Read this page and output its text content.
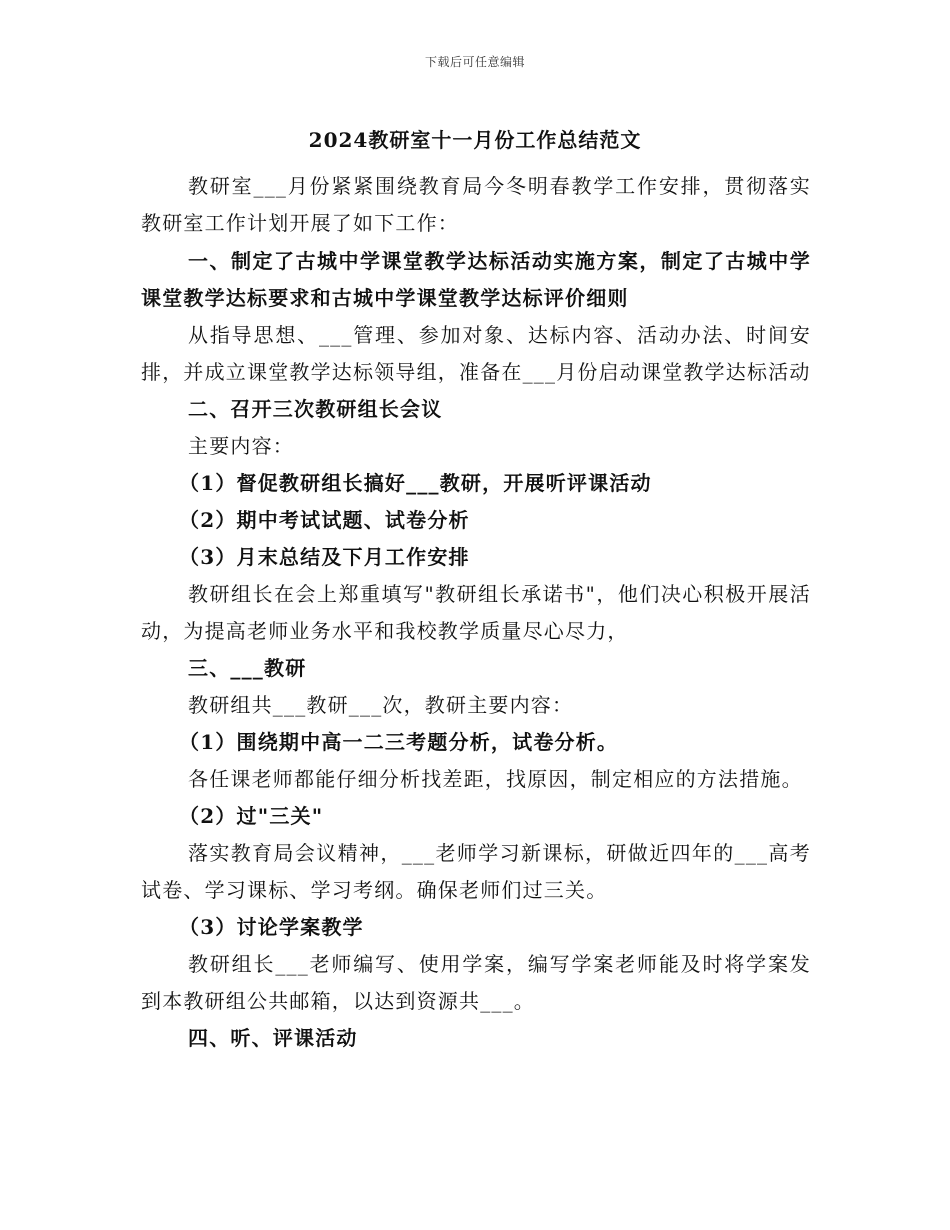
下载后可任意编辑
2024教研室十一月份工作总结范文

教研室___月份紧紧围绕教育局今冬明春教学工作安排，贯彻落实教研室工作计划开展了如下工作：

一、制定了古城中学课堂教学达标活动实施方案，制定了古城中学课堂教学达标要求和古城中学课堂教学达标评价细则

从指导思想、___管理、参加对象、达标内容、活动办法、时间安排，并成立课堂教学达标领导组，准备在___月份启动课堂教学达标活动

二、召开三次教研组长会议

主要内容：

（1）督促教研组长搞好___教研，开展听评课活动

（2）期中考试试题、试卷分析

（3）月末总结及下月工作安排

教研组长在会上郑重填写"教研组长承诺书"，他们决心积极开展活动，为提高老师业务水平和我校教学质量尽心尽力，

三、___教研

教研组共___教研___次，教研主要内容：

（1）围绕期中高一二三考题分析，试卷分析。

各任课老师都能仔细分析找差距，找原因，制定相应的方法措施。

（2）过"三关"

落实教育局会议精神，___老师学习新课标，研做近四年的___高考试卷、学习课标、学习考纲。确保老师们过三关。

（3）讨论学案教学

教研组长___老师编写、使用学案，编写学案老师能及时将学案发到本教研组公共邮箱，以达到资源共___。

四、听、评课活动
